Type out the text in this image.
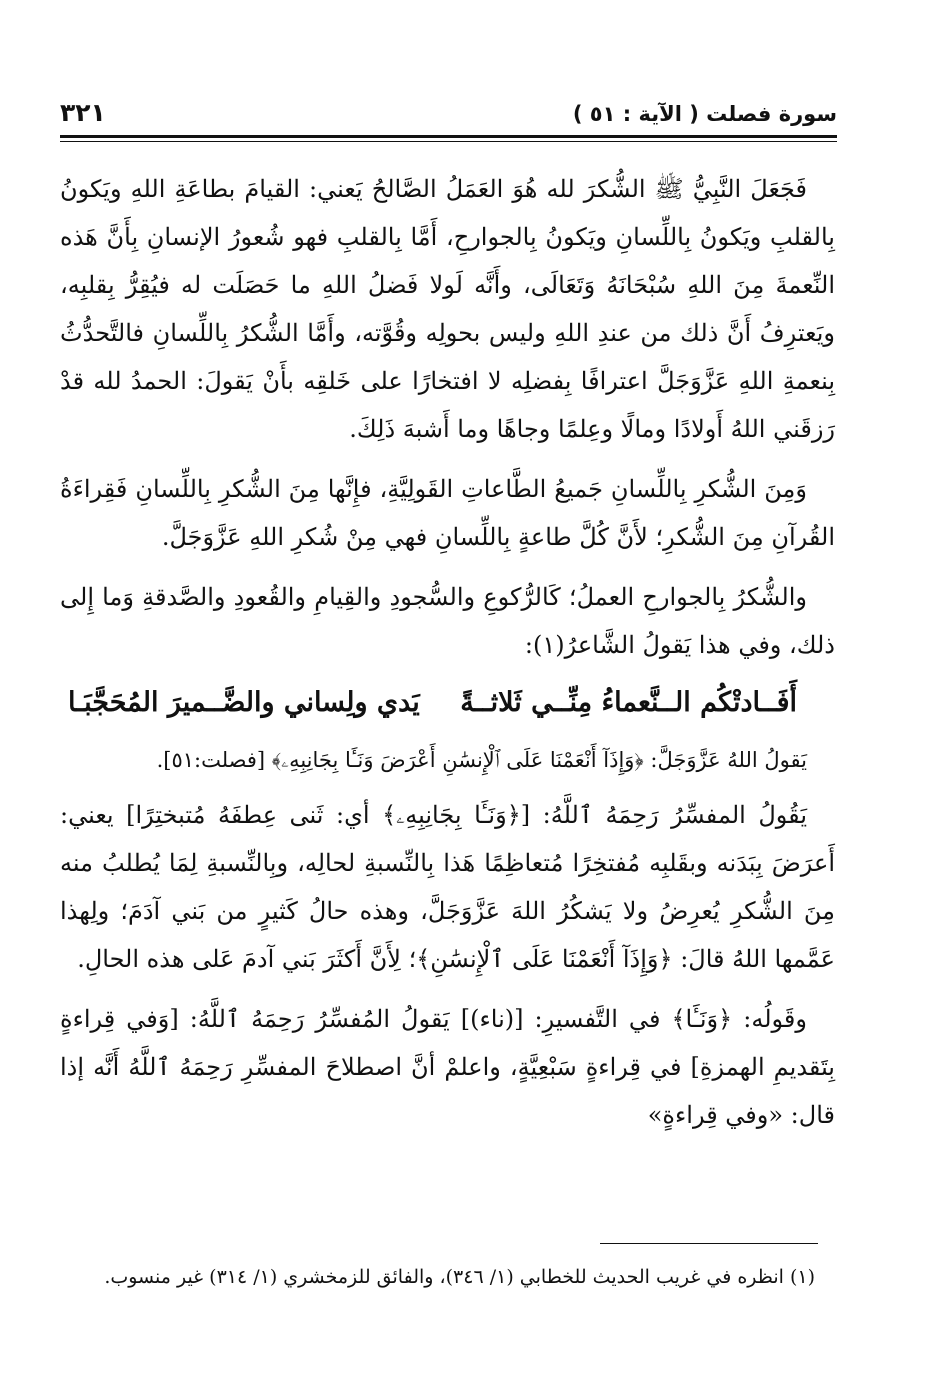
سورة فصلت ( الآية : ٥١ )
٣٢١

فَجَعَلَ النَّبِيُّ ﷺ الشُّكرَ لله هُوَ العَمَلُ الصَّالحُ يَعني: القيامَ بطاعَةِ اللهِ ويَكونُ بِالقلبِ ويَكونُ بِاللِّسانِ ويَكونُ بِالجوارحِ، أَمَّا بِالقلبِ فهو شُعورُ الإنسانِ بِأَنَّ هَذه النِّعمةَ مِنَ اللهِ سُبْحَانَهُ وَتَعَالَى، وأَنَّه لَولا فَضلُ اللهِ ما حَصَلَت له فيُقِرُّ بِقلبِه، ويَعترِفُ أَنَّ ذلك من عندِ اللهِ وليس بحولِه وقُوَّته، وأَمَّا الشُّكرُ بِاللِّسانِ فالتَّحدُّثُ بِنعمةِ اللهِ عَزَّوَجَلَّ اعترافًا بِفضلِه لا افتخارًا على خَلقِه بأَنْ يَقولَ: الحمدُ لله قدْ رَزقَني اللهُ أَولادًا ومالًا وعِلمًا وجاهًا وما أَشبهَ ذَلِكَ.

وَمِنَ الشُّكرِ بِاللِّسانِ جَميعُ الطَّاعاتِ القَولِيَّةِ، فإِنَّها مِنَ الشُّكرِ بِاللِّسانِ فَقِراءَةُ القُرآنِ مِنَ الشُّكرِ؛ لأَنَّ كُلَّ طاعةٍ بِاللِّسانِ فهي مِنْ شُكرِ اللهِ عَزَّوَجَلَّ.

والشُّكرُ بِالجوارحِ العملُ؛ كَالرُّكوعِ والسُّجودِ والقِيامِ والقُعودِ والصَّدقةِ وَما إِلى ذلك، وفي هذا يَقولُ الشَّاعرُ(١):

أَفَــادتْكُم الــنَّعماءُ مِنِّــي ثَلاثــةً
يَدي ولِساني والضَّــميرَ المُحَجَّبَـا

يَقولُ اللهُ عَزَّوَجَلَّ: ﴿وَإِذَآ أَنْعَمْنَا عَلَى ٱلْإِنسَٰنِ أَعْرَضَ وَنَـَٔا بِجَانِبِهِۦ﴾ [فصلت:٥١].

يَقُولُ المفسِّرُ رَحِمَهُ ٱللَّهُ: [﴿وَنَـَٔا بِجَانِبِهِۦ﴾ أي: ثَنى عِطفَهُ مُتبختِرًا] يعني: أَعرَضَ بِبَدَنه وبقَلبِه مُفتخِرًا مُتعاظِمًا هَذا بِالنِّسبةِ لحالِه، وبِالنِّسبةِ لِمَا يُطلبُ منه مِنَ الشُّكرِ يُعرِضُ ولا يَشكُرُ اللهَ عَزَّوَجَلَّ، وهذه حالُ كَثيرٍ من بَني آدَمَ؛ ولِهذا عَمَّمها اللهُ قالَ: ﴿وَإِذَآ أَنْعَمْنَا عَلَى ٱلْإِنسَٰنِ﴾؛ لِأَنَّ أَكثَرَ بَني آدمَ عَلى هذه الحالِ.

وقَولُه: ﴿وَنَـَٔا﴾ في التَّفسيرِ: [(ناء)] يَقولُ المُفسِّرُ رَحِمَهُ ٱللَّهُ: [وَفي قِراءةٍ بِتَقديمِ الهمزةِ] في قِراءةٍ سَبْعِيَّةٍ، واعلمْ أنَّ اصطلاحَ المفسِّرِ رَحِمَهُ ٱللَّهُ أَنَّه إذا قال: «وفي قِراءةٍ»

(١) انظره في غريب الحديث للخطابي (١/ ٣٤٦)، والفائق للزمخشري (١/ ٣١٤) غير منسوب.
